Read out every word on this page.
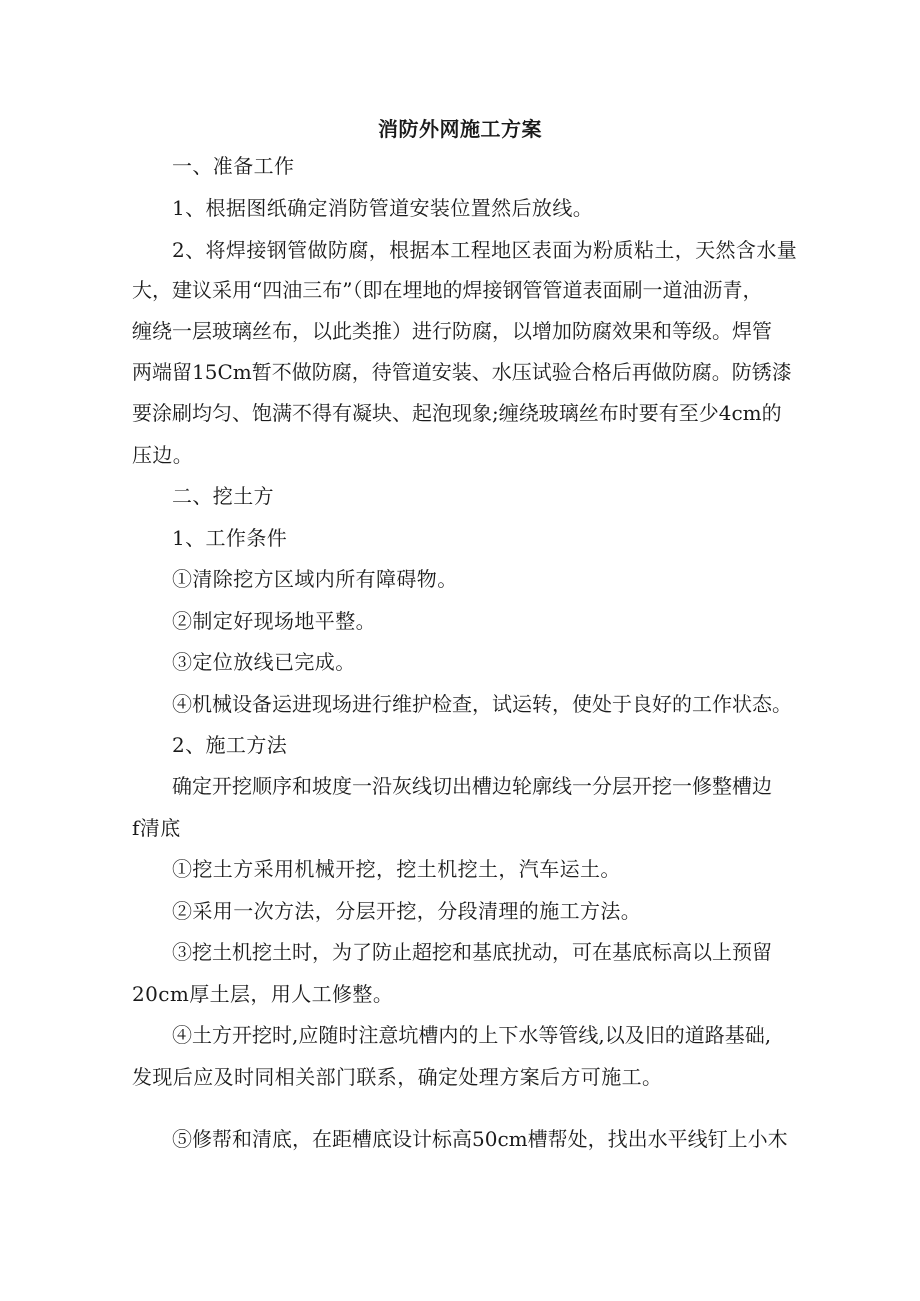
消防外网施工方案
一、准备工作
1、根据图纸确定消防管道安装位置然后放线。
2、将焊接钢管做防腐，根据本工程地区表面为粉质粘土，天然含水量
大，建议采用“四油三布”（即在埋地的焊接钢管管道表面刷一道油沥青，
缠绕一层玻璃丝布，以此类推）进行防腐，以增加防腐效果和等级。焊管
两端留15Cm暂不做防腐，待管道安装、水压试验合格后再做防腐。防锈漆
要涂刷均匀、饱满不得有凝块、起泡现象;缠绕玻璃丝布时要有至少4cm的
压边。
二、挖土方
1、工作条件
①清除挖方区域内所有障碍物。
②制定好现场地平整。
③定位放线已完成。
④机械设备运进现场进行维护检查，试运转，使处于良好的工作状态。
2、施工方法
确定开挖顺序和坡度一沿灰线切出槽边轮廓线一分层开挖一修整槽边
f清底
①挖土方采用机械开挖，挖土机挖土，汽车运土。
②采用一次方法，分层开挖，分段清理的施工方法。
③挖土机挖土时，为了防止超挖和基底扰动，可在基底标高以上预留
20cm厚土层，用人工修整。
④土方开挖时,应随时注意坑槽内的上下水等管线,以及旧的道路基础,
发现后应及时同相关部门联系，确定处理方案后方可施工。
⑤修帮和清底，在距槽底设计标高50cm槽帮处，找出水平线钉上小木
